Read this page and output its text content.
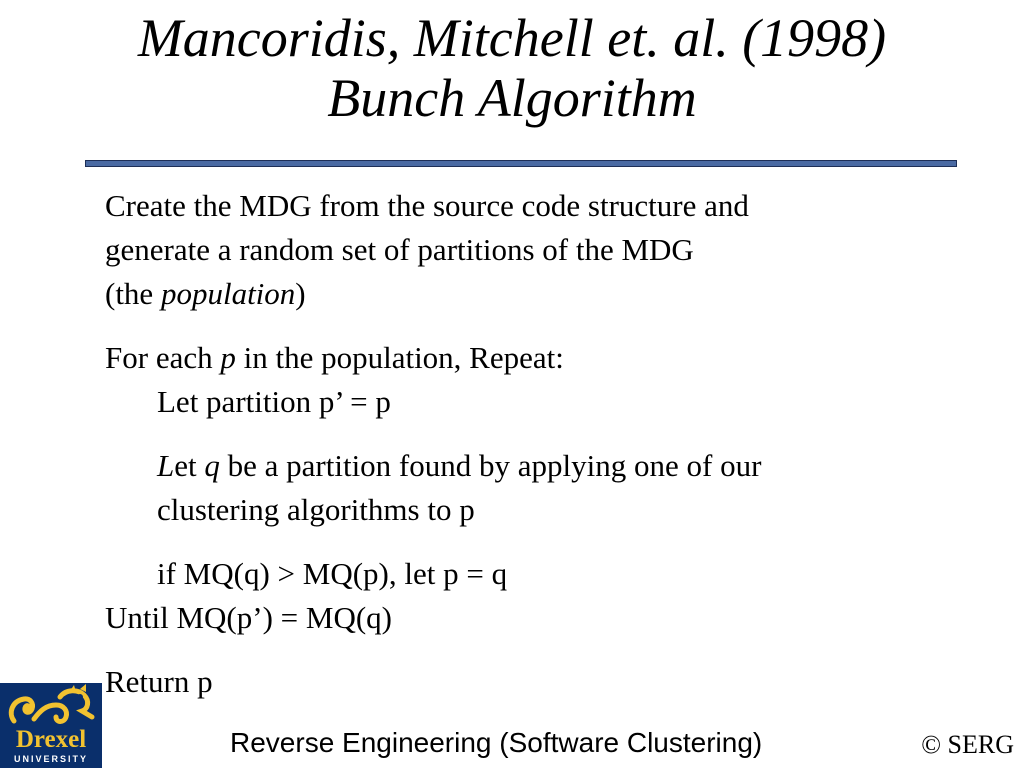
Mancoridis, Mitchell et. al. (1998)
Bunch Algorithm

Create the MDG from the source code structure and
generate a random set of partitions of the MDG
(the population)

For each p in the population, Repeat:

Let partition p’ = p

Let q be a partition found by applying one of our
clustering algorithms to p

if MQ(q) > MQ(p), let p = q

Until MQ(p’) = MQ(q)

Return p

Drexel
UNIVERSITY
Reverse Engineering (Software Clustering)	© SERG
